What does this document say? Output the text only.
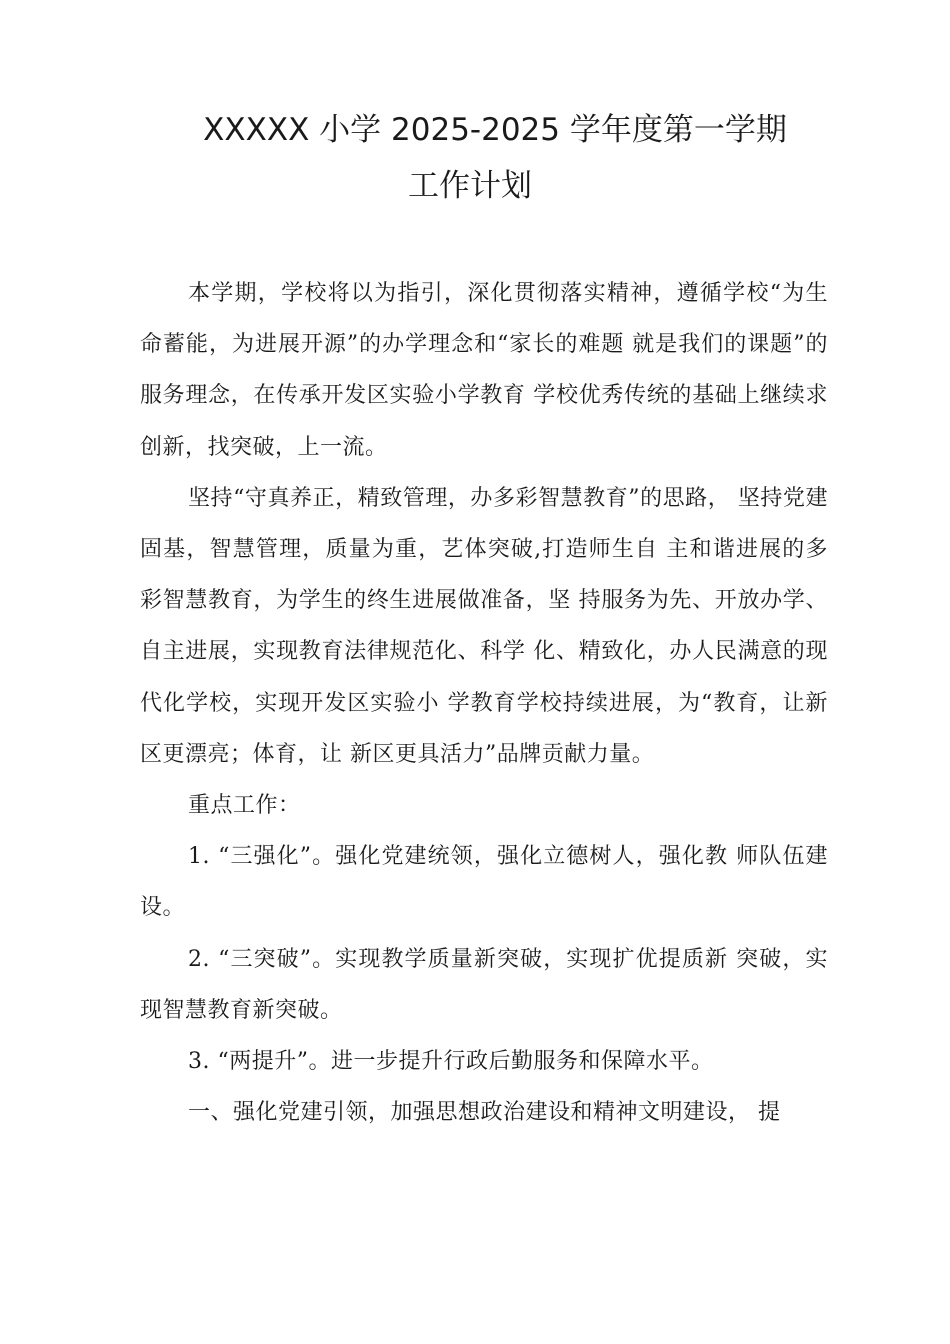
XXXXX 小学 2025-2025 学年度第一学期
工作计划

本学期，学校将以为指引，深化贯彻落实精神，遵循学校“为生命蓄能，为进展开源”的办学理念和“家长的难题 就是我们的课题”的服务理念，在传承开发区实验小学教育 学校优秀传统的基础上继续求创新，找突破，上一流。

坚持“守真养正，精致管理，办多彩智慧教育”的思路， 坚持党建固基，智慧管理，质量为重，艺体突破,打造师生自 主和谐进展的多彩智慧教育，为学生的终生进展做准备，坚 持服务为先、开放办学、自主进展，实现教育法律规范化、科学 化、精致化，办人民满意的现代化学校，实现开发区实验小 学教育学校持续进展，为“教育，让新区更漂亮；体育，让 新区更具活力”品牌贡献力量。

重点工作：

1. “三强化”。强化党建统领，强化立德树人，强化教 师队伍建设。

2. “三突破”。实现教学质量新突破，实现扩优提质新 突破，实现智慧教育新突破。

3. “两提升”。进一步提升行政后勤服务和保障水平。

一、强化党建引领，加强思想政治建设和精神文明建设， 提
